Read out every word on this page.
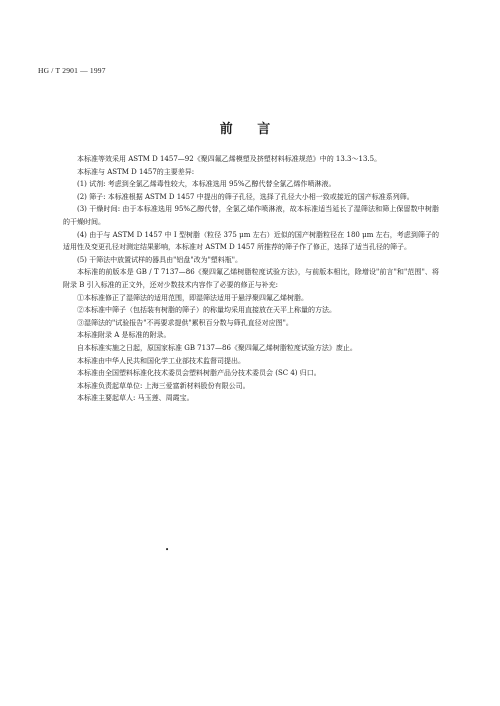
HG / T 2901 — 1997
前 言

本标准等效采用 ASTM D 1457—92《聚四氟乙烯模塑及挤塑材料标准规范》中的 13.3～13.5。

本标准与 ASTM D 1457的主要差异:

(1) 试剂: 考虑到全氯乙烯毒性较大，本标准选用 95%乙醇代替全氯乙烯作喷淋液。

(2) 筛子: 本标准根据 ASTM D 1457 中提出的筛子孔径，选择了孔径大小相一致或接近的国产标准系列筛。

(3) 干燥时间: 由于本标准选用 95%乙醇代替，全氯乙烯作喷淋液，故本标准适当延长了湿筛法和筛上保留数中树脂的干燥时间。

(4) 由于与 ASTM D 1457 中 Ⅰ 型树脂（粒径 375 μm 左右）近似的国产树脂粒径在 180 μm 左右，考虑到筛子的适用性及变更孔径对测定结果影响，本标准对 ASTM D 1457 所推荐的筛子作了修正，选择了适当孔径的筛子。

(5) 干筛法中放置试样的器具由"铝盘"改为"塑料瓶"。

本标准的前版本是 GB / T 7137—86《聚四氟乙烯树脂粒度试验方法》，与前版本相比，除增设"前言"和"范围"、将附录 B 引入标准的正文外，还对少数技术内容作了必要的修正与补充:

①本标准修正了湿筛法的适用范围，即湿筛法适用于悬浮聚四氟乙烯树脂。

②本标准中筛子（包括装有树脂的筛子）的称量均采用直接放在天平上称量的方法。

③湿筛法的"试验报告"不再要求提供"累积百分数与筛孔直径对应图"。

本标准附录 A 是标准的附录。

自本标准实施之日起，原国家标准 GB 7137—86《聚四氟乙烯树脂粒度试验方法》废止。

本标准由中华人民共和国化学工业部技术监督司提出。

本标准由全国塑料标准化技术委员会塑料树脂产品分技术委员会 (SC 4) 归口。

本标准负责起草单位: 上海三爱富新材料股份有限公司。

本标准主要起草人: 马玉莲、周霞宝。

•
